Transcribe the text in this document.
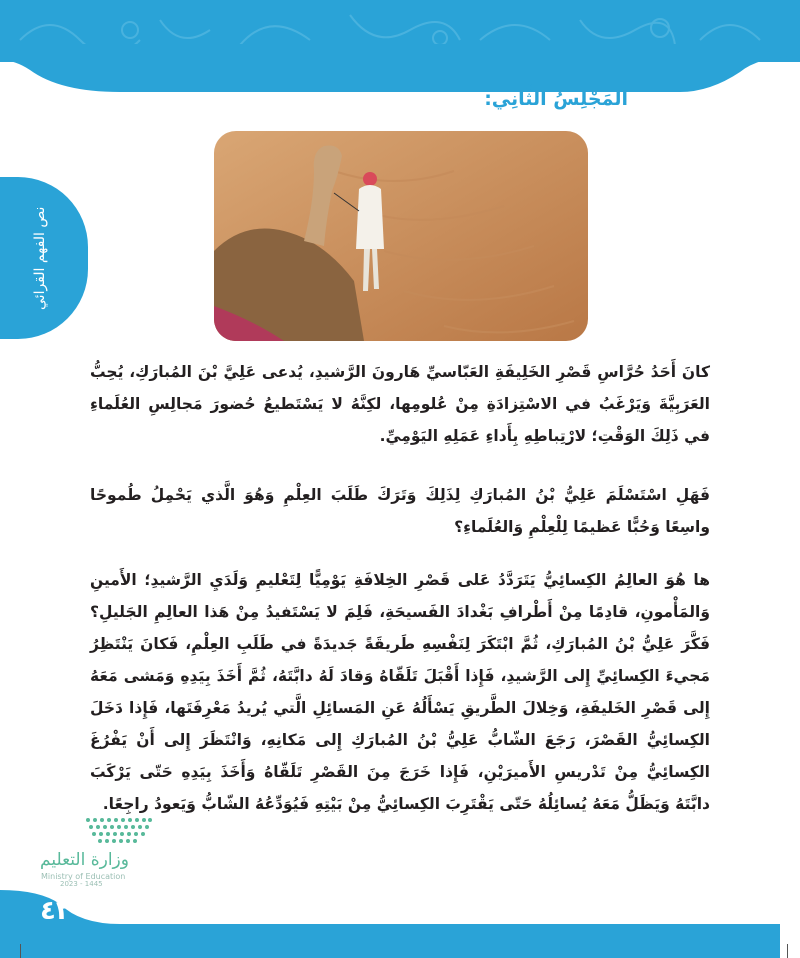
نص الفهم القرائي
المَجْلِسُ الثَّانِي:
كانَ أَحَدُ حُرَّاسِ قَصْرِ الخَلِيفَةِ العَبّاسيِّ هَارونَ الرَّشيدِ، يُدعى عَلِيَّ بْنَ المُبارَكِ، يُحِبُّ العَرَبِيَّةَ وَيَرْغَبُ في الاسْتِزادَةِ مِنْ عُلومِها، لكِنَّهُ لا يَسْتَطيعُ حُضورَ مَجالِسِ العُلَماءِ في ذَلِكَ الوَقْتِ؛ لارْتِباطِهِ بِأَداءِ عَمَلِهِ اليَوْمِيِّ.
فَهَلِ اسْتَسْلَمَ عَلِيُّ بْنُ المُبارَكِ لِذَلِكَ وَتَرَكَ طَلَبَ العِلْمِ وَهُوَ الَّذي يَحْمِلُ طُموحًا واسِعًا وَحُبًّا عَظيمًا لِلْعِلْمِ وَالعُلَماءِ؟
ها هُوَ العالِمُ الكِسائِيُّ يَتَرَدَّدُ عَلى قَصْرِ الخِلافَةِ يَوْمِيًّا لِتَعْليمِ وَلَدَيِ الرَّشيدِ؛ الأَمينِ وَالمَأْمونِ، قادِمًا مِنْ أَطْرافِ بَغْدادَ الفَسيحَةِ، فَلِمَ لا يَسْتَفيدُ مِنْ هَذا العالِمِ الجَليلِ؟ فَكَّرَ عَلِيُّ بْنُ المُبارَكِ، ثُمَّ ابْتَكَرَ لِنَفْسِهِ طَريقَةً جَديدَةً في طَلَبِ العِلْمِ، فَكانَ يَنْتَظِرُ مَجيءَ الكِسائِيِّ إِلى الرَّشيدِ، فَإِذا أَقْبَلَ تَلَقّاهُ وَقادَ لَهُ دابَّتَهُ، ثُمَّ أَخَذَ بِيَدِهِ وَمَشى مَعَهُ إِلى قَصْرِ الخَليفَةِ، وَخِلالَ الطَّريقِ يَسْأَلُهُ عَنِ المَسائِلِ الَّتي يُريدُ مَعْرِفَتَها، فَإِذا دَخَلَ الكِسائِيُّ القَصْرَ، رَجَعَ الشّابُّ عَلِيُّ بْنُ المُبارَكِ إِلى مَكانِهِ، وَانْتَظَرَ إِلى أَنْ يَفْرُغَ الكِسائِيُّ مِنْ تَدْريسِ الأَميرَيْنِ، فَإِذا خَرَجَ مِنَ القَصْرِ تَلَقّاهُ وَأَخَذَ بِيَدِهِ حَتّى يَرْكَبَ دابَّتَهُ وَيَظَلُّ مَعَهُ يُسائِلُهُ حَتّى يَقْتَرِبَ الكِسائِيُّ مِنْ بَيْتِهِ فَيُوَدِّعُهُ الشّابُّ وَيَعودُ راجِعًا.
وزارة التعليم
Ministry of Education
2023 - 1445
٤٣
